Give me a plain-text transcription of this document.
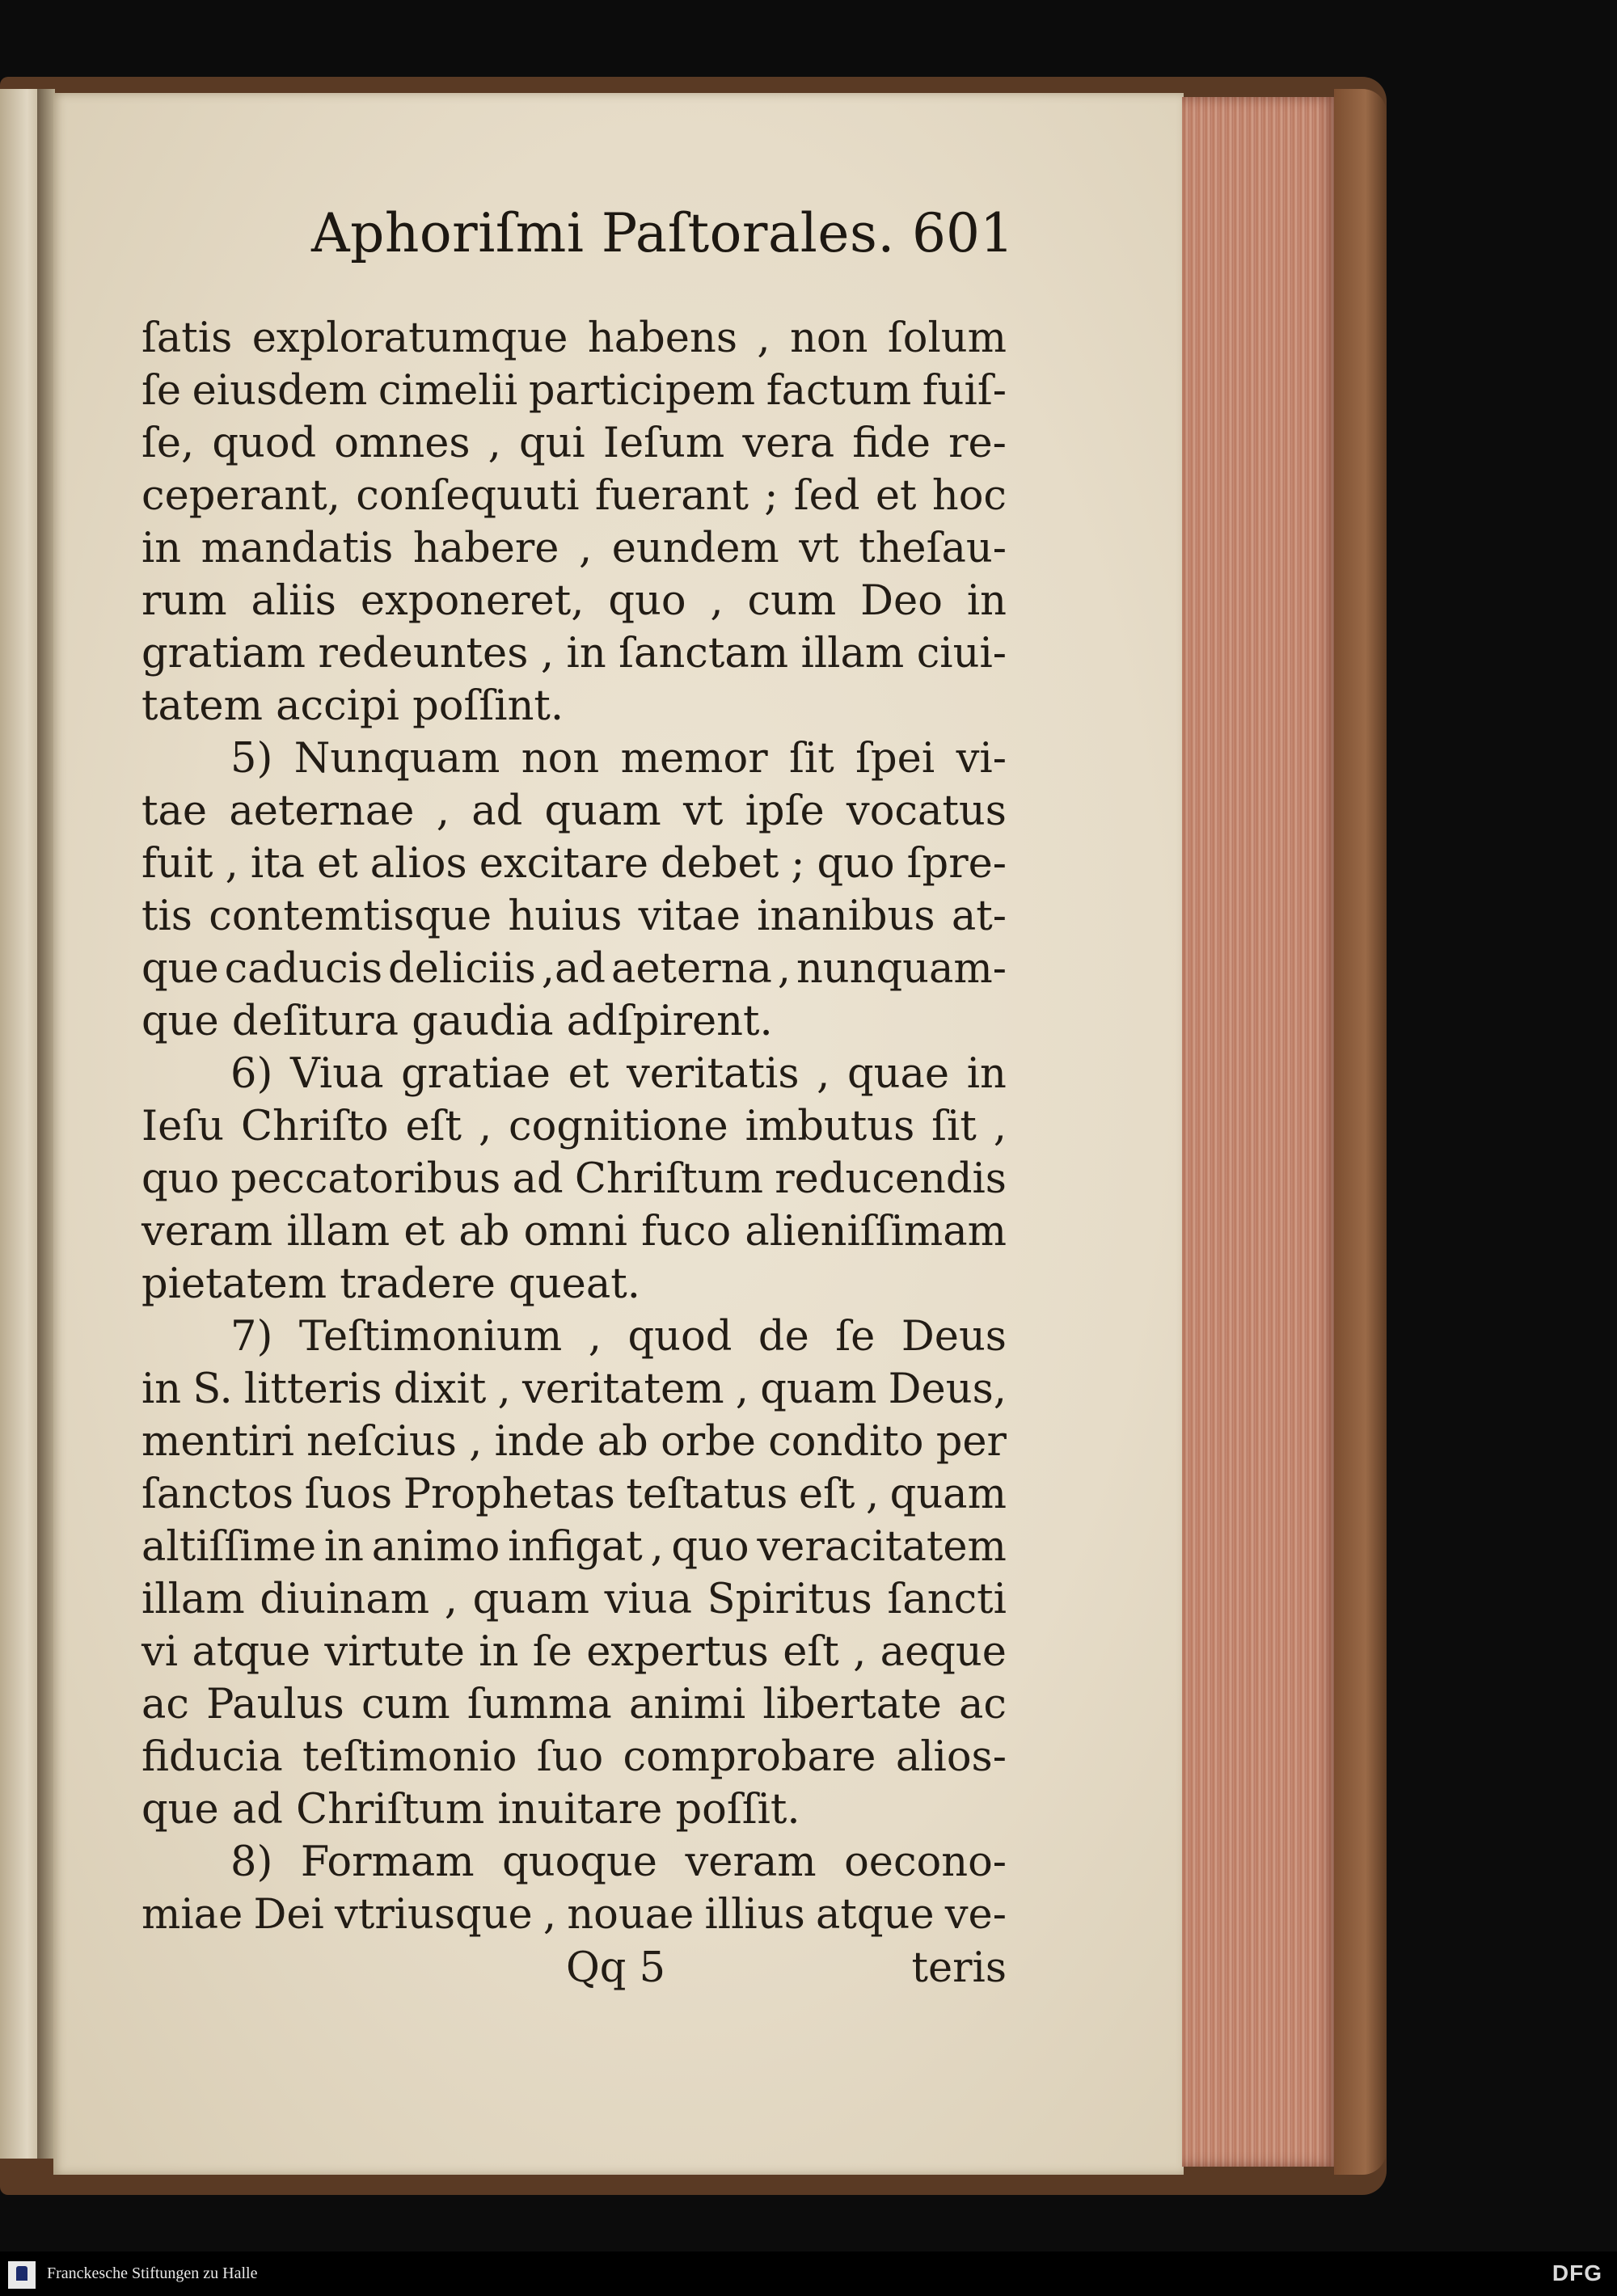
Aphoriſmi Paſtorales. 601
ſatis exploratumque habens , non ſolum
ſe eiusdem cimelii participem factum fuiſ-
ſe, quod omnes , qui Ieſum vera fide re-
ceperant, conſequuti fuerant ; ſed et hoc
in mandatis habere , eundem vt theſau-
rum aliis exponeret, quo , cum Deo in
gratiam redeuntes , in ſanctam illam ciui-
tatem accipi poſſint.
5) Nunquam non memor ſit ſpei vi-
tae aeternae , ad quam vt ipſe vocatus
fuit , ita et alios excitare debet ; quo ſpre-
tis contemtisque huius vitae inanibus at-
que caducis deliciis ,ad aeterna , nunquam-
que deſitura gaudia adſpirent.
6) Viua gratiae et veritatis , quae in
Ieſu Chriſto eſt , cognitione imbutus ſit ,
quo peccatoribus ad Chriſtum reducendis
veram illam et ab omni fuco alieniſſimam
pietatem tradere queat.
7) Teſtimonium , quod de ſe Deus
in S. litteris dixit , veritatem , quam Deus,
mentiri neſcius , inde ab orbe condito per
ſanctos ſuos Prophetas teſtatus eſt , quam
altiſſime in animo infigat , quo veracitatem
illam diuinam , quam viua Spiritus ſancti
vi atque virtute in ſe expertus eſt , aeque
ac Paulus cum ſumma animi libertate ac
fiducia teſtimonio ſuo comprobare alios-
que ad Chriſtum inuitare poſſit.
8) Formam quoque veram oecono-
miae Dei vtriusque , nouae illius atque ve-
Qq 5	teris
Franckesche Stiftungen zu Halle	DFG
